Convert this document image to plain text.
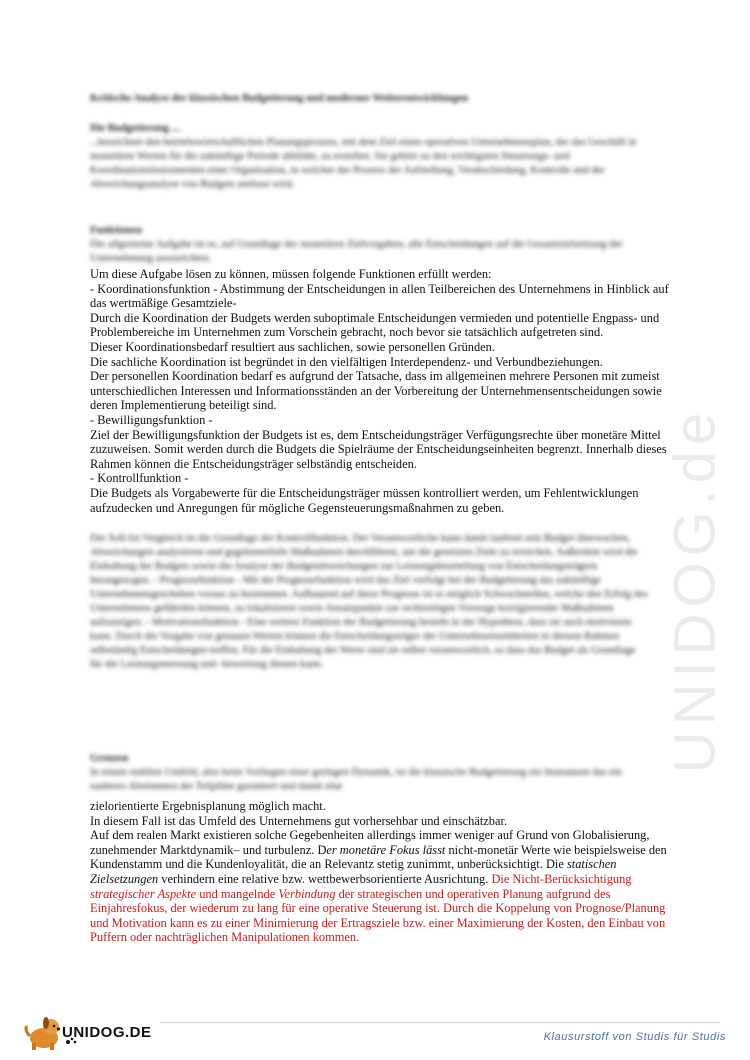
UNIDOG.de
Kritische Analyse der klassischen Budgetierung und moderner Weiterentwicklungen
Die Budgetierung ...
...bezeichnet den betriebswirtschaftlichen Planungsprozess, mit dem Ziel einen operativen Unternehmensplan, der das Geschäft in monetären Werten für die zukünftige Periode abbildet, zu erstellen. Sie gehört zu den wichtigsten Steuerungs- und Koordinationsinstrumenten einer Organisation, in welcher der Prozess der Aufstellung, Verabschiedung, Kontrolle und der Abweichungsanalyse von Budgets umfasst wird.
Funktionen
Die allgemeine Aufgabe ist es, auf Grundlage der monetären Zielvorgaben, alle Entscheidungen auf die Gesamtzielsetzung der Unternehmung auszurichten.
Um diese Aufgabe lösen zu können, müssen folgende Funktionen erfüllt werden:
- Koordinationsfunktion - Abstimmung der Entscheidungen in allen Teilbereichen des Unternehmens in Hinblick auf das wertmäßige Gesamtziele-
Durch die Koordination der Budgets werden suboptimale Entscheidungen vermieden und potentielle Engpass- und Problembereiche im Unternehmen zum Vorschein gebracht, noch bevor sie tatsächlich aufgetreten sind.
Dieser Koordinationsbedarf resultiert aus sachlichen, sowie personellen Gründen.
Die sachliche Koordination ist begründet in den vielfältigen Interdependenz- und Verbundbeziehungen.
Der personellen Koordination bedarf es aufgrund der Tatsache, dass im allgemeinen mehrere Personen mit zumeist unterschiedlichen Interessen und Informationsständen an der Vorbereitung der Unternehmensentscheidungen sowie deren Implementierung beteiligt sind.
- Bewilligungsfunktion -
Ziel der Bewilligungsfunktion der Budgets ist es, dem Entscheidungsträger Verfügungsrechte über monetäre Mittel zuzuweisen. Somit werden durch die Budgets die Spielräume der Entscheidungseinheiten begrenzt. Innerhalb dieses Rahmen können die Entscheidungsträger selbständig entscheiden.
- Kontrollfunktion -
Die Budgets als Vorgabewerte für die Entscheidungsträger müssen kontrolliert werden, um Fehlentwicklungen aufzudecken und Anregungen für mögliche Gegensteuerungsmaßnahmen zu geben.
Der Soll-Ist-Vergleich ist die Grundlage der Kontrollfunktion. Der Verantwortliche kann damit laufend sein Budget überwachen, Abweichungen analysieren und gegebenenfalls Maßnahmen durchführen, um die gesetzten Ziele zu erreichen. Außerdem wird die Einhaltung der Budgets sowie die Analyse der Budgetabweichungen zur Leistungsbeurteilung von Entscheidungsträgern herangezogen. - Prognosefunktion - Mit der Prognosefunktion wird das Ziel verfolgt bei der Budgetierung das zukünftige Unternehmensgeschehen voraus zu bestimmen. Aufbauend auf diese Prognose ist es möglich Schwachstellen, welche den Erfolg des Unternehmens gefährden können, zu lokalisieren sowie Ansatzpunkte zur rechtzeitigen Vorsorge korrigierender Maßnahmen aufzuzeigen. - Motivationsfunktion - Eine weitere Funktion der Budgetierung besteht in der Hypothese, dass sie auch motivieren kann. Durch die Vorgabe von genauen Werten können die Entscheidungsträger der Unternehmenseinheiten in diesem Rahmen selbständig Entscheidungen treffen. Für die Einhaltung der Werte sind sie selbst verantwortlich, so dass das Budget als Grundlage für die Leistungsmessung und -bewertung dienen kann.
Grenzen
In einem stabilen Umfeld, also beim Vorliegen einer geringen Dynamik, ist die klassische Budgetierung ein Instrument das ein sauberes Abstimmen der Teilpläne garantiert und damit eine
zielorientierte Ergebnisplanung möglich macht.
In diesem Fall ist das Umfeld des Unternehmens gut vorhersehbar und einschätzbar.
Auf dem realen Markt existieren solche Gegebenheiten allerdings immer weniger auf Grund von Globalisierung, zunehmender Marktdynamik– und turbulenz. Der monetäre Fokus lässt nicht-monetär Werte wie beispielsweise den Kundenstamm und die Kundenloyalität, die an Relevantz stetig zunimmt, unberücksichtigt. Die statischen Zielsetzungen verhindern eine relative bzw. wettbewerbsorientierte Ausrichtung. Die Nicht-Berücksichtigung strategischer Aspekte und mangelnde Verbindung der strategischen und operativen Planung aufgrund des Einjahresfokus, der wiederum zu lang für eine operative Steuerung ist. Durch die Koppelung von Prognose/Planung und Motivation kann es zu einer Minimierung der Ertragsziele bzw. einer Maximierung der Kosten, den Einbau von Puffern oder nachträglichen Manipulationen kommen.
UNIDOG.DE	Klausurstoff von Studis für Studis
